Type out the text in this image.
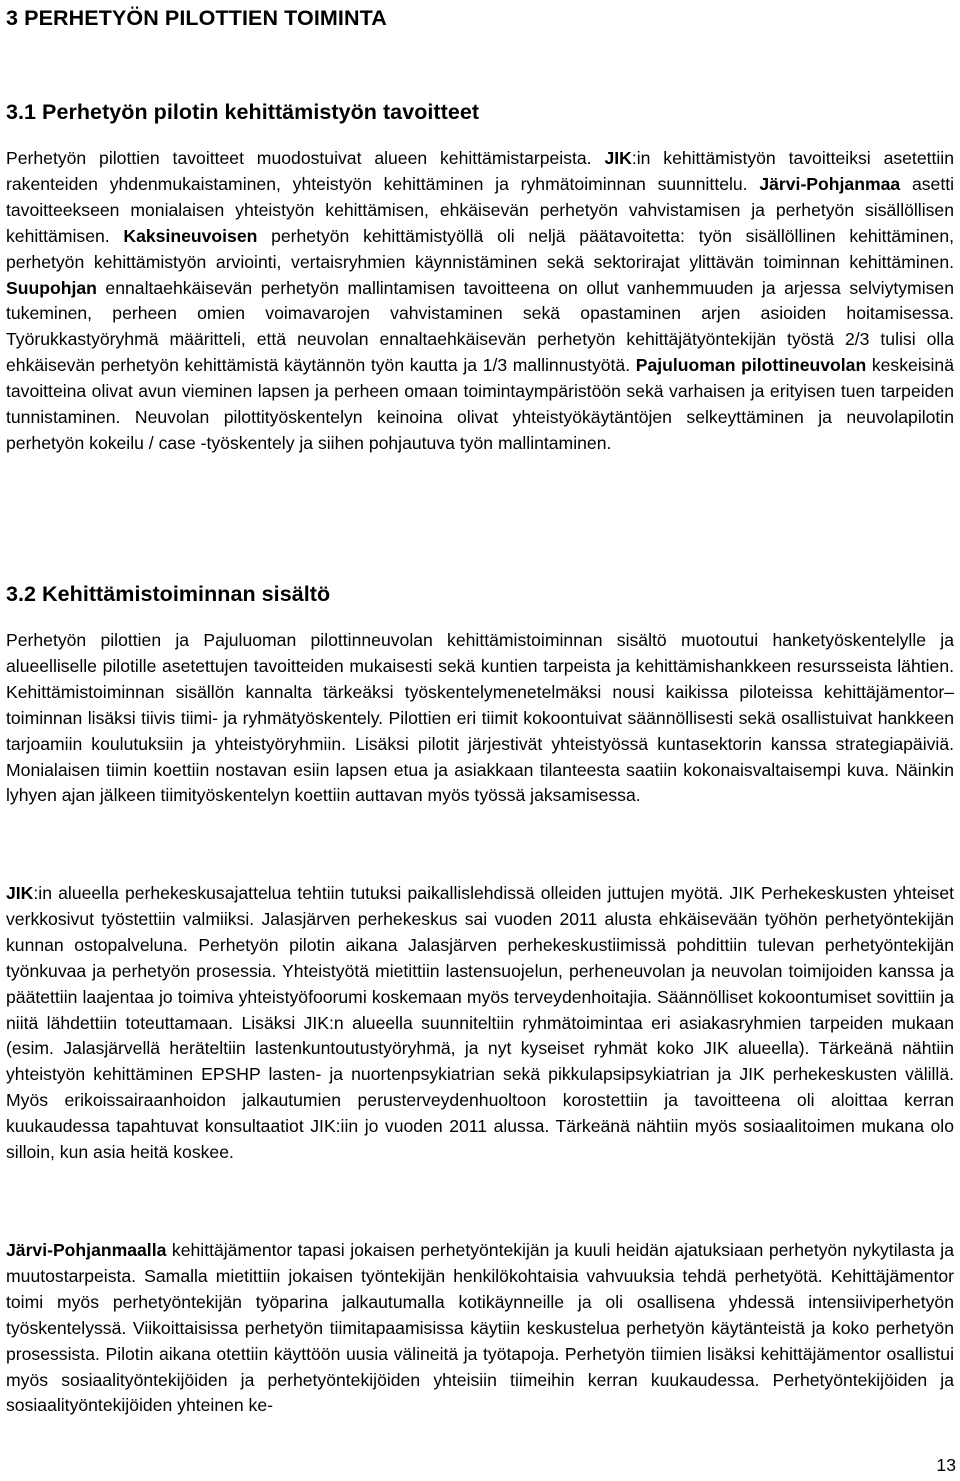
3 PERHETYÖN PILOTTIEN TOIMINTA
3.1 Perhetyön pilotin kehittämistyön tavoitteet
Perhetyön pilottien tavoitteet muodostuivat alueen kehittämistarpeista. JIK:in kehittämistyön tavoitteiksi asetettiin rakenteiden yhdenmukaistaminen, yhteistyön kehittäminen ja ryhmätoiminnan suunnittelu. Järvi-Pohjanmaa asetti tavoitteekseen monialaisen yhteistyön kehittämisen, ehkäisevän perhetyön vahvistamisen ja perhetyön sisällöllisen kehittämisen. Kaksineuvoisen perhetyön kehittämistyöllä oli neljä päätavoitetta: työn sisällöllinen kehittäminen, perhetyön kehittämistyön arviointi, vertaisryhmien käynnistäminen sekä sektorirajat ylittävän toiminnan kehittäminen. Suupohjan ennaltaehkäisevän perhetyön mallintamisen tavoitteena on ollut vanhemmuuden ja arjessa selviytymisen tukeminen, perheen omien voimavarojen vahvistaminen sekä opastaminen arjen asioiden hoitamisessa. Työrukkastyöryhmä määritteli, että neuvolan ennaltaehkäisevän perhetyön kehittäjätyöntekijän työstä 2/3 tulisi olla ehkäisevän perhetyön kehittämistä käytännön työn kautta ja 1/3 mallinnustyötä. Pajuluoman pilottineuvolan keskeisinä tavoitteina olivat avun vieminen lapsen ja perheen omaan toimintaympäristöön sekä varhaisen ja erityisen tuen tarpeiden tunnistaminen. Neuvolan pilottityöskentelyn keinoina olivat yhteistyökäytäntöjen selkeyttäminen ja neuvolapilotin perhetyön kokeilu / case -työskentely ja siihen pohjautuva työn mallintaminen.
3.2 Kehittämistoiminnan sisältö
Perhetyön pilottien ja Pajuluoman pilottinneuvolan kehittämistoiminnan sisältö muotoutui hanketyöskentelylle ja alueelliselle pilotille asetettujen tavoitteiden mukaisesti sekä kuntien tarpeista ja kehittämishankkeen resursseista lähtien. Kehittämistoiminnan sisällön kannalta tärkeäksi työskentelymenetelmäksi nousi kaikissa piloteissa kehittäjämentor–toiminnan lisäksi tiivis tiimi- ja ryhmätyöskentely. Pilottien eri tiimit kokoontuivat säännöllisesti sekä osallistuivat hankkeen tarjoamiin koulutuksiin ja yhteistyöryhmiin. Lisäksi pilotit järjestivät yhteistyössä kuntasektorin kanssa strategiapäiviä. Monialaisen tiimin koettiin nostavan esiin lapsen etua ja asiakkaan tilanteesta saatiin kokonaisvaltaisempi kuva. Näinkin lyhyen ajan jälkeen tiimityöskentelyn koettiin auttavan myös työssä jaksamisessa.
JIK:in alueella perhekeskusajattelua tehtiin tutuksi paikallislehdissä olleiden juttujen myötä. JIK Perhekeskusten yhteiset verkkosivut työstettiin valmiiksi. Jalasjärven perhekeskus sai vuoden 2011 alusta ehkäisevään työhön perhetyöntekijän kunnan ostopalveluna. Perhetyön pilotin aikana Jalasjärven perhekeskustiimissä pohdittiin tulevan perhetyöntekijän työnkuvaa ja perhetyön prosessia. Yhteistyötä mietittiin lastensuojelun, perheneuvolan ja neuvolan toimijoiden kanssa ja päätettiin laajentaa jo toimiva yhteistyöfoorumi koskemaan myös terveydenhoitajia. Säännölliset kokoontumiset sovittiin ja niitä lähdettiin toteuttamaan. Lisäksi JIK:n alueella suunniteltiin ryhmätoimintaa eri asiakasryhmien tarpeiden mukaan (esim. Jalasjärvellä heräteltiin lastenkuntoutustyöryhmä, ja nyt kyseiset ryhmät koko JIK alueella). Tärkeänä nähtiin yhteistyön kehittäminen EPSHP lasten- ja nuortenpsykiatrian sekä pikkulapsipsykiatrian ja JIK perhekeskusten välillä. Myös erikoissairaanhoidon jalkautumien perusterveydenhuoltoon korostettiin ja tavoitteena oli aloittaa kerran kuukaudessa tapahtuvat konsultaatiot JIK:iin jo vuoden 2011 alussa. Tärkeänä nähtiin myös sosiaalitoimen mukana olo silloin, kun asia heitä koskee.
Järvi-Pohjanmaalla kehittäjämentor tapasi jokaisen perhetyöntekijän ja kuuli heidän ajatuksiaan perhetyön nykytilasta ja muutostarpeista. Samalla mietittiin jokaisen työntekijän henkilökohtaisia vahvuuksia tehdä perhetyötä. Kehittäjämentor toimi myös perhetyöntekijän työparina jalkautumalla kotikäynneille ja oli osallisena yhdessä intensiiviperhetyön työskentelyssä. Viikoittaisissa perhetyön tiimitapaamisissa käytiin keskustelua perhetyön käytänteistä ja koko perhetyön prosessista. Pilotin aikana otettiin käyttöön uusia välineitä ja työtapoja. Perhetyön tiimien lisäksi kehittäjämentor osallistui myös sosiaalityöntekijöiden ja perhetyöntekijöiden yhteisiin tiimeihin kerran kuukaudessa. Perhetyöntekijöiden ja sosiaalityöntekijöiden yhteinen ke-
13
